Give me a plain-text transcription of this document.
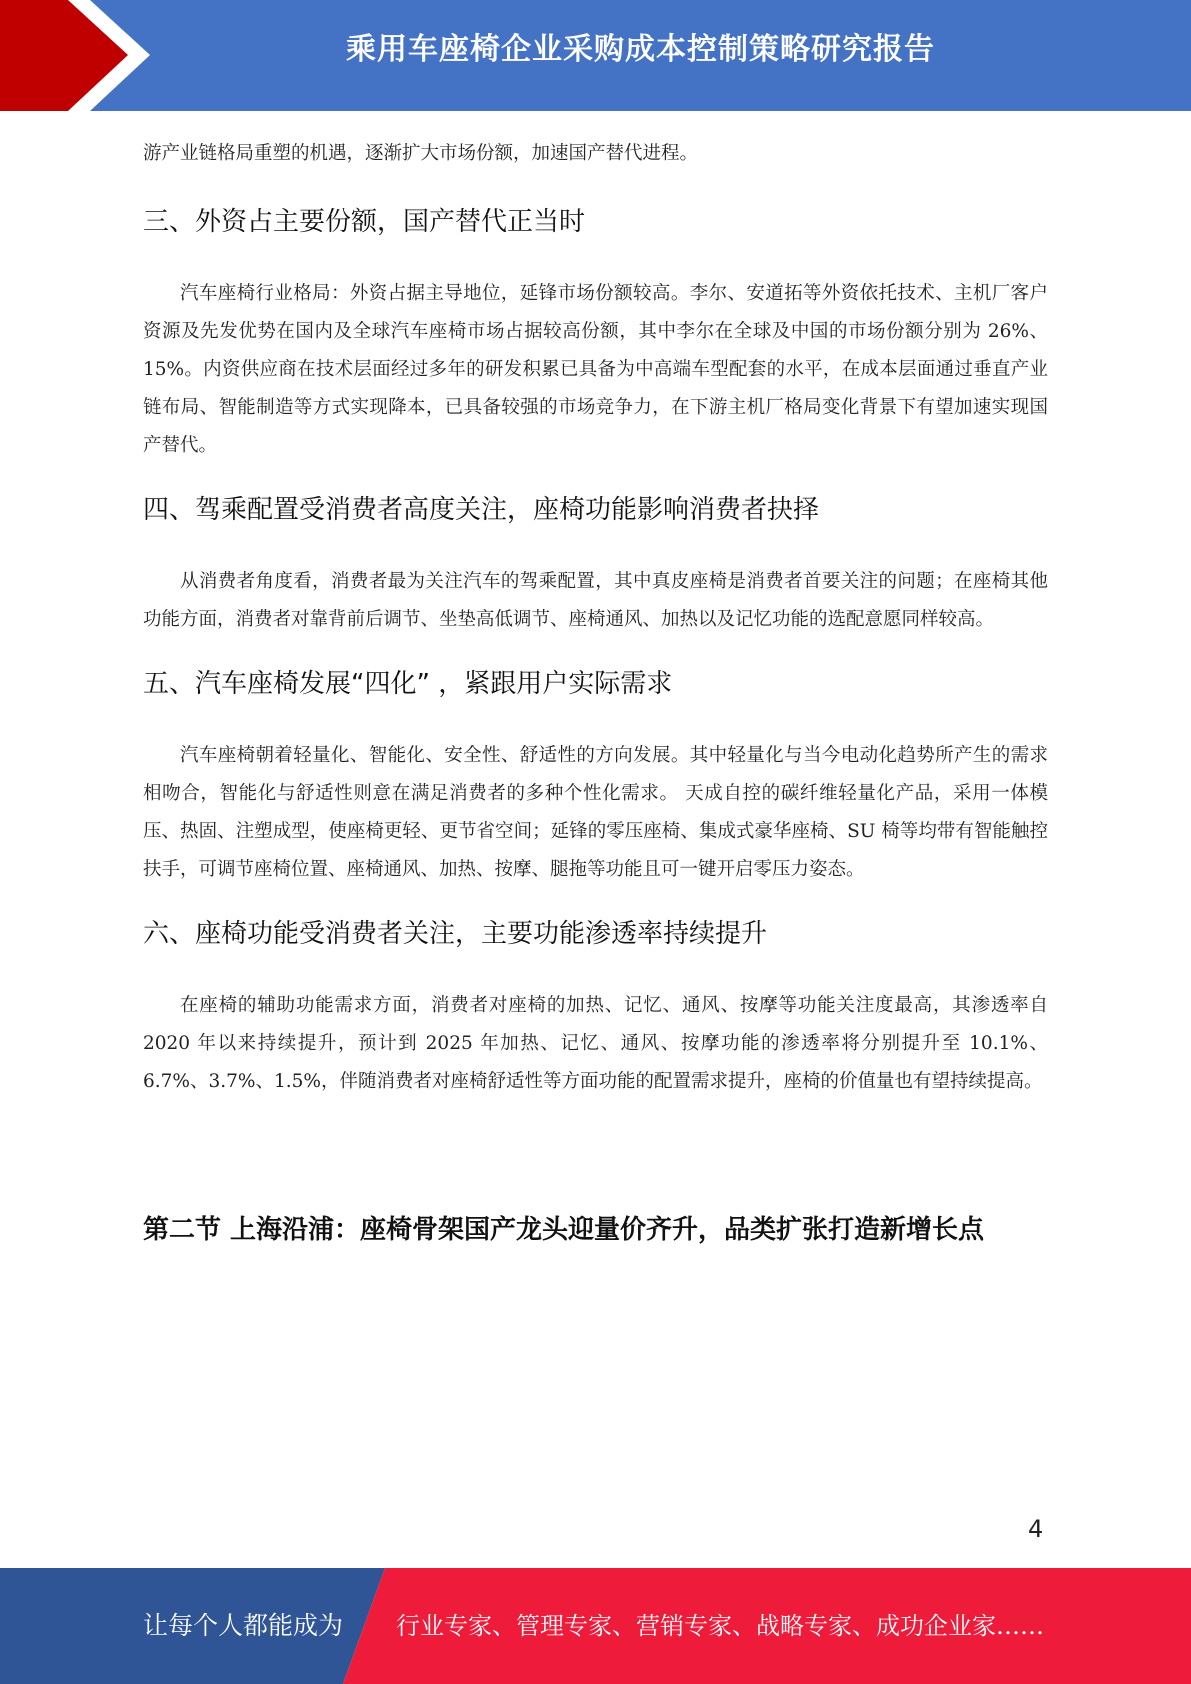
乘用车座椅企业采购成本控制策略研究报告

游产业链格局重塑的机遇，逐渐扩大市场份额，加速国产替代进程。

三、外资占主要份额，国产替代正当时

汽车座椅行业格局：外资占据主导地位，延锋市场份额较高。李尔、安道拓等外资依托技术、主机厂客户资源及先发优势在国内及全球汽车座椅市场占据较高份额，其中李尔在全球及中国的市场份额分别为 26%、15%。内资供应商在技术层面经过多年的研发积累已具备为中高端车型配套的水平，在成本层面通过垂直产业链布局、智能制造等方式实现降本，已具备较强的市场竞争力，在下游主机厂格局变化背景下有望加速实现国产替代。

四、驾乘配置受消费者高度关注，座椅功能影响消费者抉择

从消费者角度看，消费者最为关注汽车的驾乘配置，其中真皮座椅是消费者首要关注的问题；在座椅其他功能方面，消费者对靠背前后调节、坐垫高低调节、座椅通风、加热以及记忆功能的选配意愿同样较高。

五、汽车座椅发展“四化” ，紧跟用户实际需求

汽车座椅朝着轻量化、智能化、安全性、舒适性的方向发展。其中轻量化与当今电动化趋势所产生的需求相吻合，智能化与舒适性则意在满足消费者的多种个性化需求。 天成自控的碳纤维轻量化产品，采用一体模压、热固、注塑成型，使座椅更轻、更节省空间；延锋的零压座椅、集成式豪华座椅、SU 椅等均带有智能触控扶手，可调节座椅位置、座椅通风、加热、按摩、腿拖等功能且可一键开启零压力姿态。

六、座椅功能受消费者关注，主要功能渗透率持续提升

在座椅的辅助功能需求方面，消费者对座椅的加热、记忆、通风、按摩等功能关注度最高，其渗透率自 2020 年以来持续提升，预计到 2025 年加热、记忆、通风、按摩功能的渗透率将分别提升至 10.1%、6.7%、3.7%、1.5%，伴随消费者对座椅舒适性等方面功能的配置需求提升，座椅的价值量也有望持续提高。

第二节 上海沿浦：座椅骨架国产龙头迎量价齐升，品类扩张打造新增长点
4
让每个人都能成为 行业专家、管理专家、营销专家、战略专家、成功企业家……
